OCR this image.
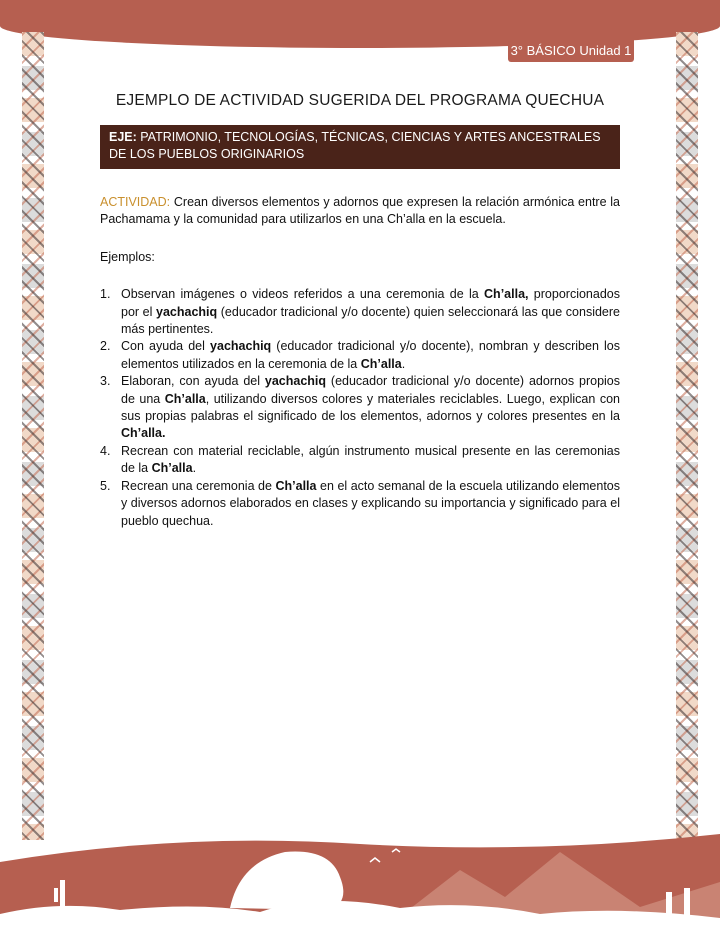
3° BÁSICO Unidad 1
EJEMPLO DE ACTIVIDAD SUGERIDA DEL PROGRAMA QUECHUA
EJE: PATRIMONIO, TECNOLOGÍAS, TÉCNICAS, CIENCIAS Y ARTES ANCESTRALES DE LOS PUEBLOS ORIGINARIOS

ACTIVIDAD: Crean diversos elementos y adornos que expresen la relación armónica entre la Pachamama y la comunidad para utilizarlos en una Ch’alla en la escuela.

Ejemplos:

1. Observan imágenes o videos referidos a una ceremonia de la Ch’alla, proporcionados por el yachachiq (educador tradicional y/o docente) quien seleccionará las que considere más pertinentes.
2. Con ayuda del yachachiq (educador tradicional y/o docente), nombran y describen los elementos utilizados en la ceremonia de la Ch’alla.
3. Elaboran, con ayuda del yachachiq (educador tradicional y/o docente) adornos propios de una Ch’alla, utilizando diversos colores y materiales reciclables. Luego, explican con sus propias palabras el significado de los elementos, adornos y colores presentes en la Ch’alla.
4. Recrean con material reciclable, algún instrumento musical presente en las ceremonias de la Ch’alla.
5. Recrean una ceremonia de Ch’alla en el acto semanal de la escuela utilizando elementos y diversos adornos elaborados en clases y explicando su importancia y significado para el pueblo quechua.
